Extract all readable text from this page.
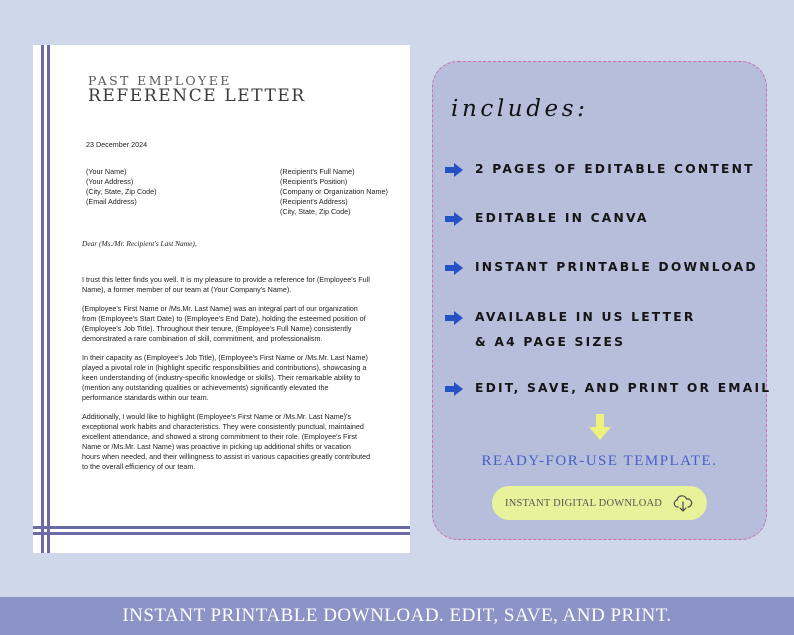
PAST EMPLOYEE
REFERENCE LETTER
23 December 2024
(Your Name)
(Your Address)
(City, State, Zip Code)
(Email Address)
(Recipient's Full Name)
(Recipient's Position)
(Company or Organization Name)
(Recipient's Address)
(City, State, Zip Code)
Dear (Ms./Mr. Recipient's Last Name),

I trust this letter finds you well. It is my pleasure to provide a reference for (Employee's Full
Name), a former member of our team at (Your Company's Name).

(Employee's First Name or /Ms.Mr. Last Name) was an integral part of our organization
from (Employee's Start Date) to (Employee's End Date), holding the esteemed position of
(Employee's Job Title). Throughout their tenure, (Employee's Full Name) consistently
demonstrated a rare combination of skill, commitment, and professionalism.

In their capacity as (Employee's Job Title), (Employee's First Name or /Ms.Mr. Last Name)
played a pivotal role in (highlight specific responsibilities and contributions), showcasing a
keen understanding of (industry-specific knowledge or skills). Their remarkable ability to
(mention any outstanding qualities or achievements) significantly elevated the
performance standards within our team.

Additionally, I would like to highlight (Employee's First Name or /Ms.Mr. Last Name)'s
exceptional work habits and characteristics. They were consistently punctual, maintained
excellent attendance, and showed a strong commitment to their role. (Employee's First
Name or /Ms.Mr. Last Name) was proactive in picking up additional shifts or vacation
hours when needed, and their willingness to assist in various capacities greatly contributed
to the overall efficiency of our team.

includes:
2 PAGES OF EDITABLE CONTENT
EDITABLE IN CANVA
INSTANT PRINTABLE DOWNLOAD
AVAILABLE IN US LETTER
& A4 PAGE SIZES
EDIT, SAVE, AND PRINT OR EMAIL
READY-FOR-USE TEMPLATE.
INSTANT DIGITAL DOWNLOAD
INSTANT PRINTABLE DOWNLOAD. EDIT, SAVE, AND PRINT.
